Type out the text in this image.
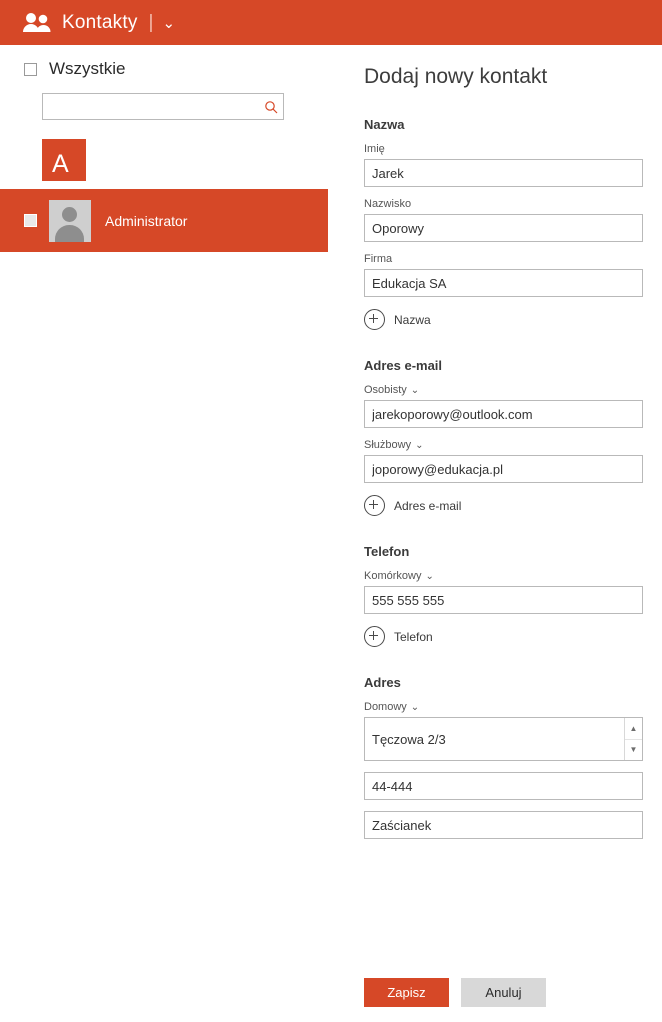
Kontakty | ⌄
Wszystkie
A
Administrator
Dodaj nowy kontakt
Nazwa
Imię
Jarek
Nazwisko
Oporowy
Firma
Edukacja SA
Nazwa
Adres e-mail
Osobisty ⌄
jarekoporowy@outlook.com
Służbowy ⌄
joporowy@edukacja.pl
Adres e-mail
Telefon
Komórkowy ⌄
555 555 555
Telefon
Adres
Domowy ⌄
Tęczowa 2/3
▲
▼
44-444
Zaścianek
Zapisz	Anuluj
